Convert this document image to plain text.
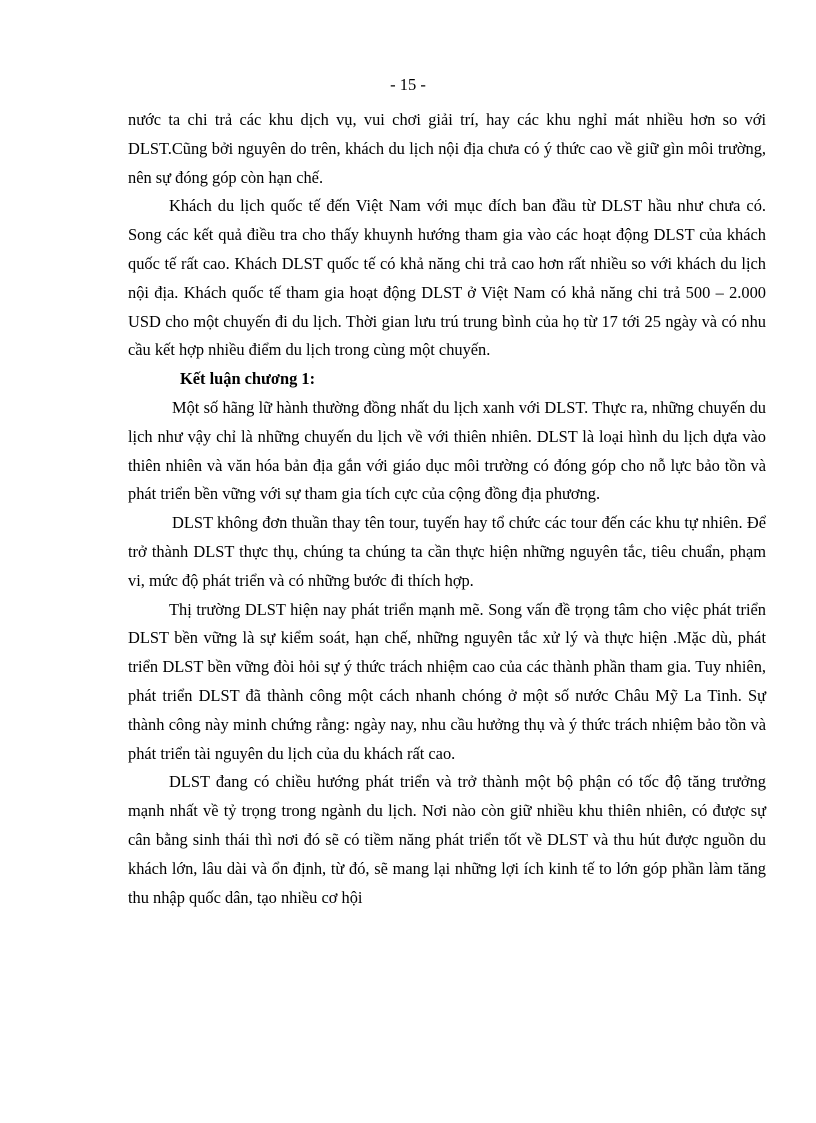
- 15 -

nước ta chi trả các khu dịch vụ, vui chơi giải trí, hay các khu nghỉ mát nhiều hơn so với DLST.Cũng bởi nguyên do trên, khách du lịch nội địa chưa có ý thức cao về giữ gìn môi trường, nên sự đóng góp còn hạn chế.

Khách du lịch quốc tế đến Việt Nam với mục đích ban đầu từ DLST hầu như chưa có. Song các kết quả điều tra cho thấy khuynh hướng tham gia vào các hoạt động DLST của khách quốc tế rất cao. Khách DLST quốc tế có khả năng chi trả cao hơn rất nhiều so với khách du lịch nội địa. Khách quốc tế tham gia hoạt động DLST ở Việt Nam có khả năng chi trả 500 – 2.000 USD cho một chuyến đi du lịch. Thời gian lưu trú trung bình của họ từ 17 tới 25 ngày và có nhu cầu kết hợp nhiều điểm du lịch trong cùng một chuyến.

Kết luận chương 1:

Một số hãng lữ hành thường đồng nhất du lịch xanh với DLST. Thực ra, những chuyến du lịch như vậy chỉ là những chuyến du lịch về với thiên nhiên. DLST là loại hình du lịch dựa vào thiên nhiên và văn hóa bản địa gắn với giáo dục môi trường có đóng góp cho nỗ lực bảo tồn và phát triển bền vững với sự tham gia tích cực của cộng đồng địa phương.

DLST không đơn thuần thay tên tour, tuyến hay tổ chức các tour đến các khu tự nhiên. Để trở thành DLST thực thụ, chúng ta chúng ta cần thực hiện những nguyên tắc, tiêu chuẩn, phạm vi, mức độ phát triển và có những bước đi thích hợp.

Thị trường DLST hiện nay phát triển mạnh mẽ. Song vấn đề trọng tâm cho việc phát triển DLST bền vững là sự kiểm soát, hạn chế, những nguyên tắc xử lý và thực hiện .Mặc dù, phát triển DLST bền vững đòi hỏi sự ý thức trách nhiệm cao của các thành phần tham gia. Tuy nhiên, phát triển DLST đã thành công một cách nhanh chóng ở một số nước Châu Mỹ La Tinh. Sự thành công này minh chứng rằng: ngày nay, nhu cầu hưởng thụ và ý thức trách nhiệm bảo tồn và phát triển tài nguyên du lịch của du khách rất cao.

DLST đang có chiều hướng phát triển và trở thành một bộ phận có tốc độ tăng trưởng mạnh nhất về tỷ trọng trong ngành du lịch. Nơi nào còn giữ nhiều khu thiên nhiên, có được sự cân bằng sinh thái thì nơi đó sẽ có tiềm năng phát triển tốt về DLST và thu hút được nguồn du khách lớn, lâu dài và ổn định, từ đó, sẽ mang lại những lợi ích kinh tế to lớn góp phần làm tăng thu nhập quốc dân, tạo nhiều cơ hội
